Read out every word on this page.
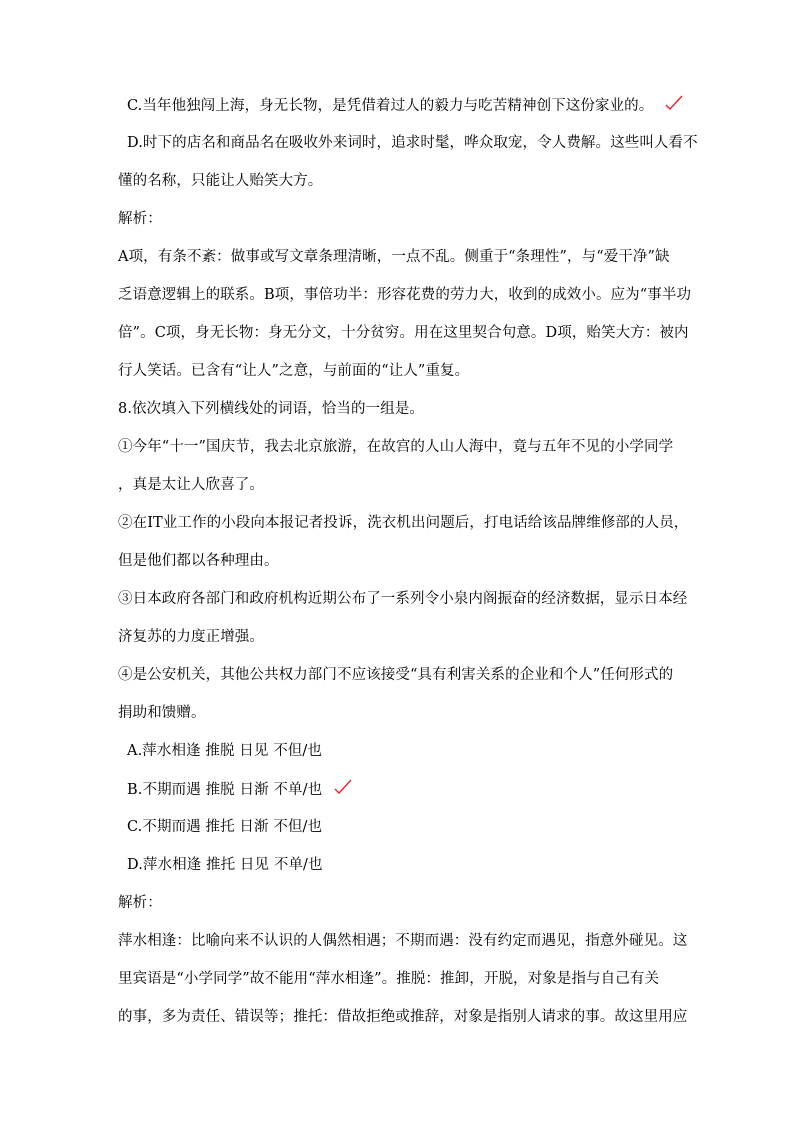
C.当年他独闯上海，身无长物，是凭借着过人的毅力与吃苦精神创下这份家业的。
D.时下的店名和商品名在吸收外来词时，追求时髦，哗众取宠，令人费解。这些叫人看不
懂的名称，只能让人贻笑大方。
解析：
A项，有条不紊：做事或写文章条理清晰，一点不乱。侧重于“条理性”，与“爱干净”缺
乏语意逻辑上的联系。B项，事倍功半：形容花费的劳力大，收到的成效小。应为“事半功
倍”。C项，身无长物：身无分文，十分贫穷。用在这里契合句意。D项，贻笑大方：被内
行人笑话。已含有“让人”之意，与前面的“让人”重复。
8.依次填入下列横线处的词语，恰当的一组是。
①今年“十一”国庆节，我去北京旅游，在故宫的人山人海中，竟与五年不见的小学同学
，真是太让人欣喜了。
②在IT业工作的小段向本报记者投诉，洗衣机出问题后，打电话给该品牌维修部的人员，
但是他们都以各种理由。
③日本政府各部门和政府机构近期公布了一系列令小泉内阁振奋的经济数据，显示日本经
济复苏的力度正增强。
④是公安机关，其他公共权力部门不应该接受“具有利害关系的企业和个人”任何形式的
捐助和馈赠。
A.萍水相逢 推脱 日见 不但/也
B.不期而遇 推脱 日渐 不单/也
C.不期而遇 推托 日渐 不但/也
D.萍水相逢 推托 日见 不单/也
解析：
萍水相逢：比喻向来不认识的人偶然相遇；不期而遇：没有约定而遇见，指意外碰见。这
里宾语是“小学同学”故不能用“萍水相逢”。推脱：推卸，开脱，对象是指与自己有关
的事，多为责任、错误等；推托：借故拒绝或推辞，对象是指别人请求的事。故这里用应
